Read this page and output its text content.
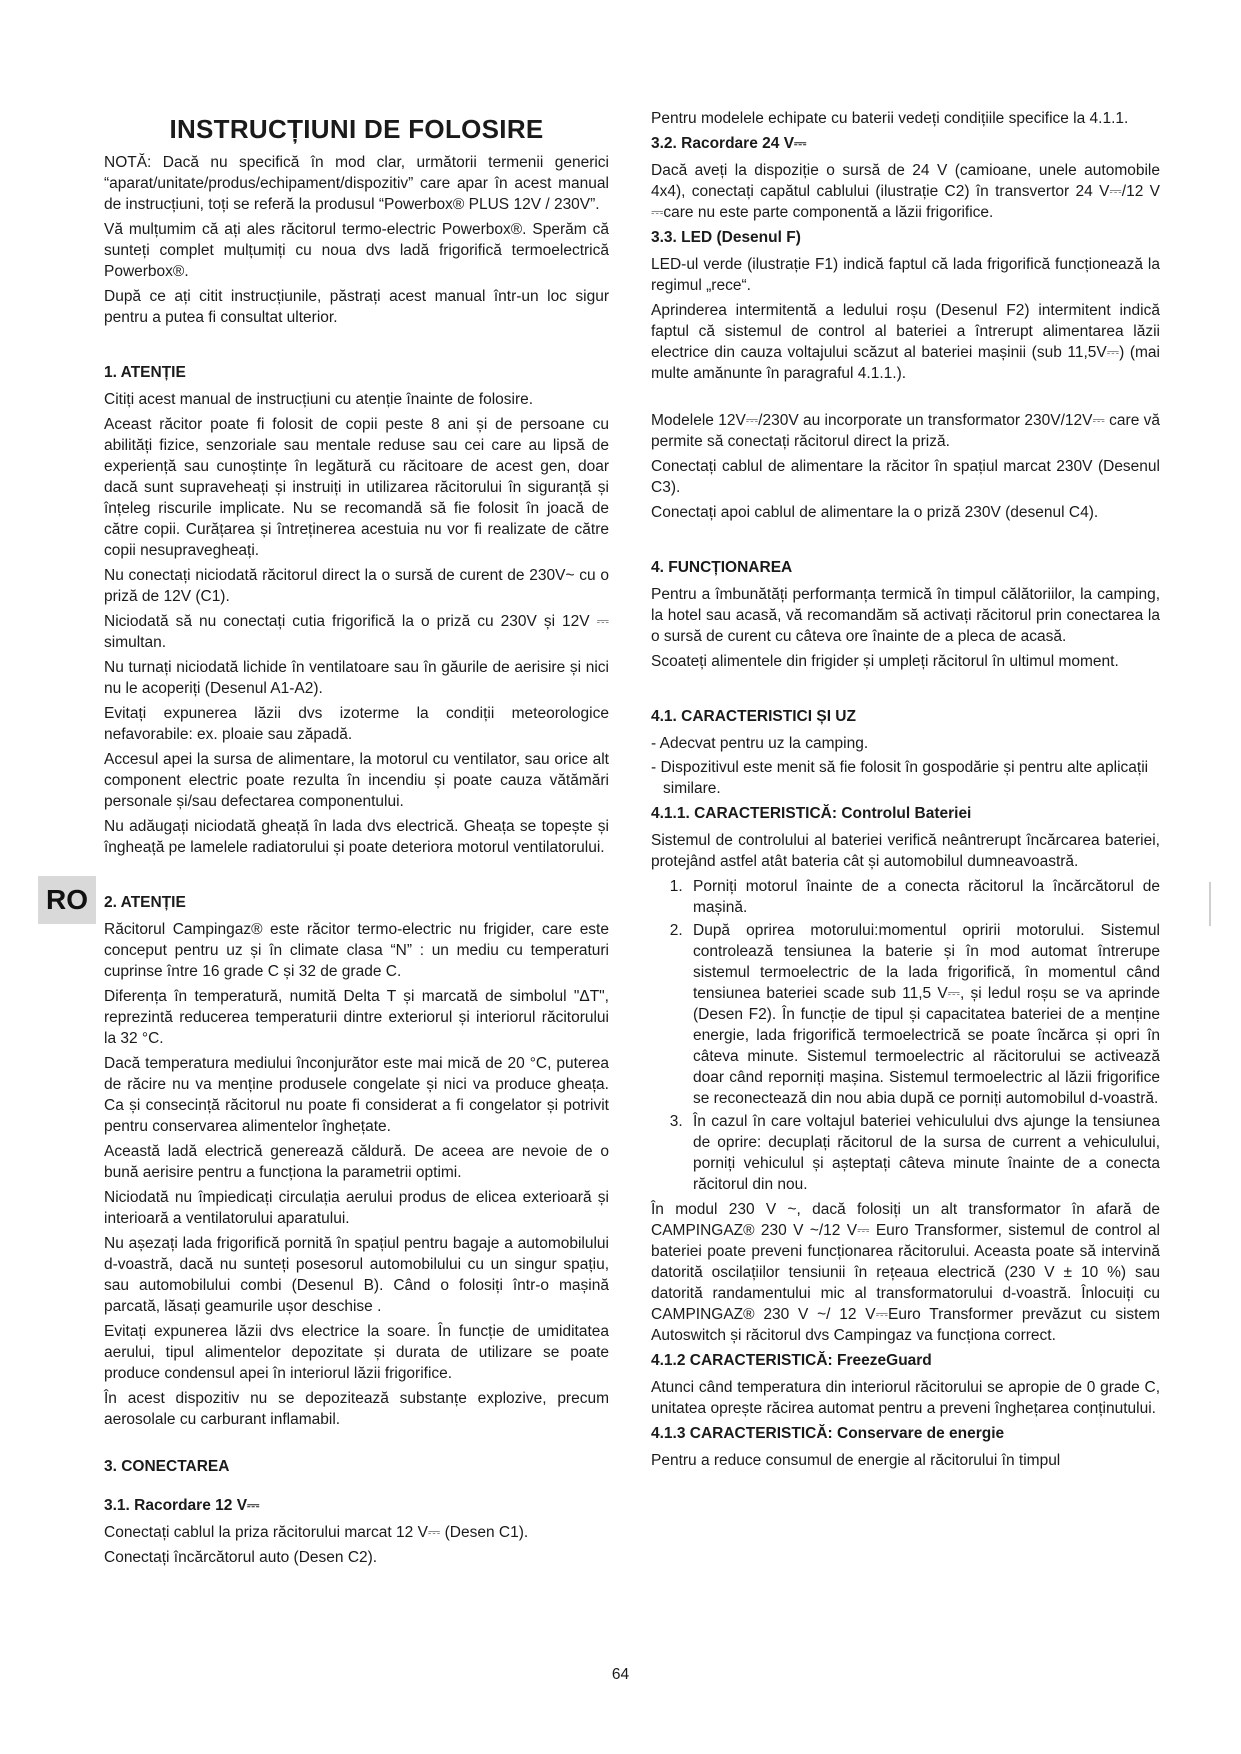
RO
INSTRUCȚIUNI DE FOLOSIRE

NOTĂ: Dacă nu specifică în mod clar, următorii termenii generici “aparat/unitate/produs/echipament/dispozitiv” care apar în acest manual de instrucțiuni, toți se referă la produsul “Powerbox® PLUS 12V / 230V”.

Vă mulțumim că ați ales răcitorul termo-electric Powerbox®. Sperăm că sunteți complet mulțumiți cu noua dvs ladă frigorifică termoelectrică Powerbox®.

După ce ați citit instrucțiunile, păstrați acest manual într-un loc sigur pentru a putea fi consultat ulterior.

1. ATENȚIE

Citiți acest manual de instrucțiuni cu atenție înainte de folosire.

Aceast răcitor poate fi folosit de copii peste 8 ani și de persoane cu abilități fizice, senzoriale sau mentale reduse sau cei care au lipsă de experiență sau cunoștințe în legătură cu răcitoare de acest gen, doar dacă sunt supraveheați și instruiți in utilizarea răcitorului în siguranță și înțeleg riscurile implicate. Nu se recomandă să fie folosit în joacă de către copii. Curățarea și întreținerea acestuia nu vor fi realizate de către copii nesupravegheați.

Nu conectați niciodată răcitorul direct la o sursă de curent de 230V~ cu o priză de 12V (C1).

Niciodată să nu conectați cutia frigorifică la o priză cu 230V și 12V ⎓ simultan.

Nu turnați niciodată lichide în ventilatoare sau în găurile de aerisire și nici nu le acoperiți (Desenul A1-A2).

Evitați expunerea lăzii dvs izoterme la condiții meteorologice nefavorabile: ex. ploaie sau zăpadă.

Accesul apei la sursa de alimentare, la motorul cu ventilator, sau orice alt component electric poate rezulta în incendiu și poate cauza vătămări personale și/sau defectarea componentului.

Nu adăugați niciodată gheață în lada dvs electrică. Gheața se topește și îngheață pe lamelele radiatorului și poate deteriora motorul ventilatorului.

2. ATENȚIE

Răcitorul Campingaz® este răcitor termo-electric nu frigider, care este conceput pentru uz și în climate clasa “N” : un mediu cu temperaturi cuprinse între 16 grade C și 32 de grade C.

Diferența în temperatură, numită Delta T și marcată de simbolul "ΔT", reprezintă reducerea temperaturii dintre exteriorul și interiorul răcitorului la 32 °C.

Dacă temperatura mediului înconjurător este mai mică de 20 °C, puterea de răcire nu va menține produsele congelate și nici va produce gheața. Ca și consecință răcitorul nu poate fi considerat a fi congelator și potrivit pentru conservarea alimentelor înghețate.

Această ladă electrică generează căldură. De aceea are nevoie de o bună aerisire pentru a funcționa la parametrii optimi.

Niciodată nu împiedicați circulația aerului produs de elicea exterioară și interioară a ventilatorului aparatului.

Nu așezați lada frigorifică pornită în spațiul pentru bagaje a automobilului d-voastră, dacă nu sunteți posesorul automobilului cu un singur spațiu, sau automobilului combi (Desenul B). Când o folosiți într-o mașină parcată, lăsați geamurile ușor deschise .

Evitați expunerea lăzii dvs electrice la soare. În funcție de umiditatea aerului, tipul alimentelor depozitate și durata de utilizare se poate produce condensul apei în interiorul lăzii frigorifice.

În acest dispozitiv nu se depozitează substanțe explozive, precum aerosolale cu carburant inflamabil.

3. CONECTAREA
3.1. Racordare 12 V⎓

Conectați cablul la priza răcitorului marcat 12 V⎓ (Desen C1).

Conectați încărcătorul auto (Desen C2).

Pentru modelele echipate cu baterii vedeți condițiile specifice la 4.1.1.

3.2. Racordare 24 V⎓

Dacă aveți la dispoziție o sursă de 24 V (camioane, unele automobile 4x4), conectați capătul cablului (ilustrație C2) în transvertor 24 V⎓/12 V ⎓care nu este parte componentă a lăzii frigorifice.

3.3. LED (Desenul F)

LED-ul verde (ilustrație F1) indică faptul că lada frigorifică funcționează la regimul „rece“.

Aprinderea intermitentă a ledului roșu (Desenul F2) intermitent indică faptul că sistemul de control al bateriei a întrerupt alimentarea lăzii electrice din cauza voltajului scăzut al bateriei mașinii (sub 11,5V⎓) (mai multe amănunte în paragraful 4.1.1.).

Modelele 12V⎓/230V au incorporate un transformator 230V/12V⎓ care vă permite să conectați răcitorul direct la priză.

Conectați cablul de alimentare la răcitor în spațiul marcat 230V (Desenul C3).

Conectați apoi cablul de alimentare la o priză 230V (desenul C4).

4. FUNCȚIONAREA

Pentru a îmbunătăți performanța termică în timpul călătoriilor, la camping, la hotel sau acasă, vă recomandăm să activați răcitorul prin conectarea la o sursă de curent cu câteva ore înainte de a pleca de acasă.

Scoateți alimentele din frigider și umpleți răcitorul în ultimul moment.

4.1. CARACTERISTICI ȘI UZ
- Adecvat pentru uz la camping.
- Dispozitivul este menit să fie folosit în gospodărie și pentru alte aplicații similare.
4.1.1. CARACTERISTICĂ: Controlul Bateriei

Sistemul de controlului al bateriei verifică neântrerupt încărcarea bateriei, protejând astfel atât bateria cât și automobilul dumneavoastră.

1. Porniți motorul înainte de a conecta răcitorul la încărcătorul de mașină.
2. După oprirea motorului:momentul opririi motorului. Sistemul controlează tensiunea la baterie și în mod automat întrerupe sistemul termoelectric de la lada frigorifică, în momentul când tensiunea bateriei scade sub 11,5 V⎓, și ledul roșu se va aprinde (Desen F2). În funcție de tipul și capacitatea bateriei de a menține energie, lada frigorifică termoelectrică se poate încărca și opri în câteva minute. Sistemul termoelectric al răcitorului se activează doar când reporniți mașina. Sistemul termoelectric al lăzii frigorifice se reconectează din nou abia după ce porniți automobilul d-voastră.
3. În cazul în care voltajul bateriei vehiculului dvs ajunge la tensiunea de oprire: decuplați răcitorul de la sursa de current a vehiculului, porniți vehiculul și așteptați câteva minute înainte de a conecta răcitorul din nou.

În modul 230 V ~, dacă folosiți un alt transformator în afară de CAMPINGAZ® 230 V ~/12 V⎓ Euro Transformer, sistemul de control al bateriei poate preveni funcționarea răcitorului. Aceasta poate să intervină datorită oscilațiilor tensiunii în rețeaua electrică (230 V ± 10 %) sau datorită randamentului mic al transformatorului d-voastră. Înlocuiți cu CAMPINGAZ® 230 V ~/ 12 V⎓Euro Transformer prevăzut cu sistem Autoswitch și răcitorul dvs Campingaz va funcționa correct.

4.1.2 CARACTERISTICĂ: FreezeGuard

Atunci când temperatura din interiorul răcitorului se apropie de 0 grade C, unitatea oprește răcirea automat pentru a preveni înghețarea conținutului.

4.1.3 CARACTERISTICĂ: Conservare de energie

Pentru a reduce consumul de energie al răcitorului în timpul

64
